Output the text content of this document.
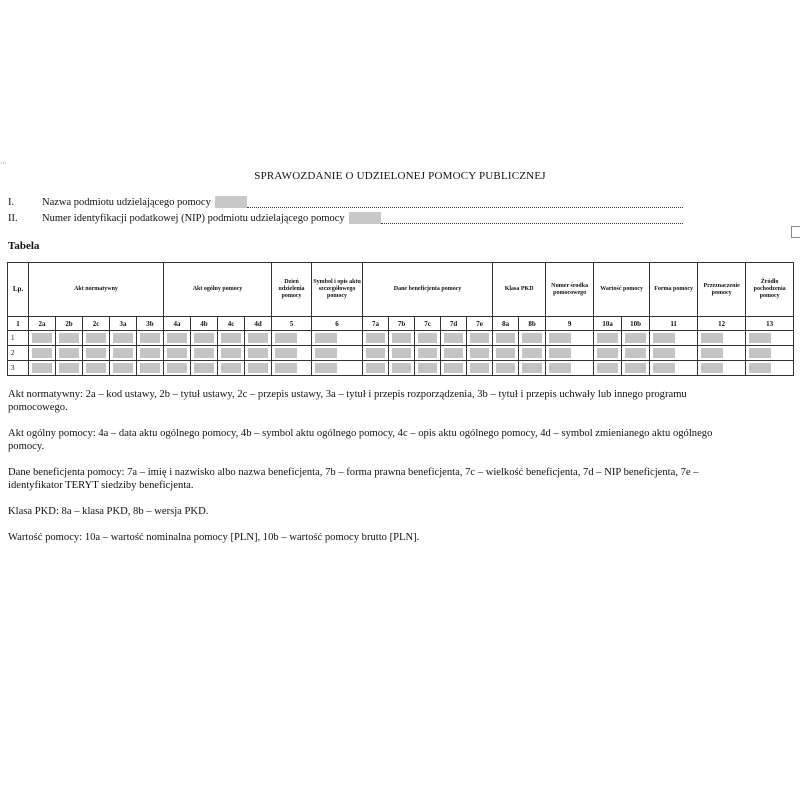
⋯
SPRAWOZDANIE O UDZIELONEJ POMOCY PUBLICZNEJ
I.	Nazwa podmiotu udzielającego pomocy
II.	Numer identyfikacji podatkowej (NIP) podmiotu udzielającego pomocy
Tabela
Lp.	Akt normatywny					Akt ogólny pomocy				Dzień udzielenia pomocy	Symbol i opis aktu szczegółowego pomocy	Dane beneficjenta pomocy					Klasa PKD		Numer środka pomocowego	Wartość pomocy		Forma pomocy	Przeznaczenie pomocy	Źródło pochodzenia pomocy
1	2a	2b	2c	3a	3b	4a	4b	4c	4d	5	6	7a	7b	7c	7d	7e	8a	8b	9	10a	10b	11	12	13
1	

2	

3	

Akt normatywny: 2a – kod ustawy, 2b – tytuł ustawy, 2c – przepis ustawy, 3a – tytuł i przepis rozporządzenia, 3b – tytuł i przepis uchwały lub innego programu pomocowego.

Akt ogólny pomocy: 4a – data aktu ogólnego pomocy, 4b – symbol aktu ogólnego pomocy, 4c – opis aktu ogólnego pomocy, 4d – symbol zmienianego aktu ogólnego pomocy.

Dane beneficjenta pomocy: 7a – imię i nazwisko albo nazwa beneficjenta, 7b – forma prawna beneficjenta, 7c – wielkość beneficjenta, 7d – NIP beneficjenta, 7e – identyfikator TERYT siedziby beneficjenta.

Klasa PKD: 8a – klasa PKD, 8b – wersja PKD.

Wartość pomocy: 10a – wartość nominalna pomocy [PLN], 10b – wartość pomocy brutto [PLN].
